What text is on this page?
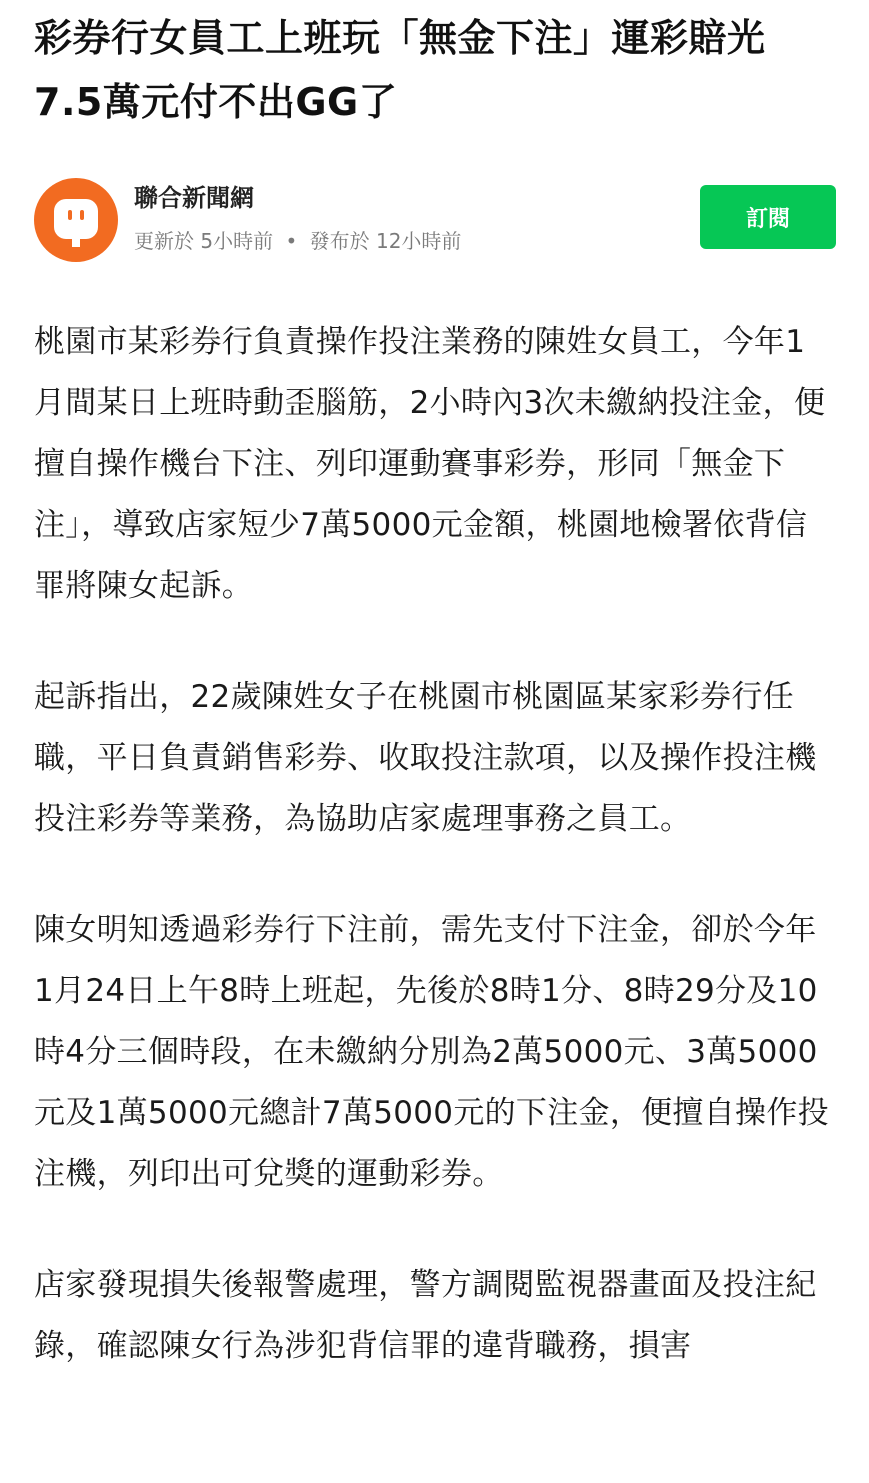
彩券行女員工上班玩「無金下注」運彩賠光7.5萬元付不出GG了
聯合新聞網
更新於 5小時前 • 發布於 12小時前
訂閱

桃園市某彩券行負責操作投注業務的陳姓女員工，今年1月間某日上班時動歪腦筋，2小時內3次未繳納投注金，便擅自操作機台下注、列印運動賽事彩券，形同「無金下注」，導致店家短少7萬5000元金額，桃園地檢署依背信罪將陳女起訴。

起訴指出，22歲陳姓女子在桃園市桃園區某家彩券行任職，平日負責銷售彩券、收取投注款項，以及操作投注機投注彩券等業務，為協助店家處理事務之員工。

陳女明知透過彩券行下注前，需先支付下注金，卻於今年1月24日上午8時上班起，先後於8時1分、8時29分及10時4分三個時段，在未繳納分別為2萬5000元、3萬5000元及1萬5000元總計7萬5000元的下注金，便擅自操作投注機，列印出可兌獎的運動彩券。

店家發現損失後報警處理，警方調閱監視器畫面及投注紀錄，確認陳女行為涉犯背信罪的違背職務，損害
